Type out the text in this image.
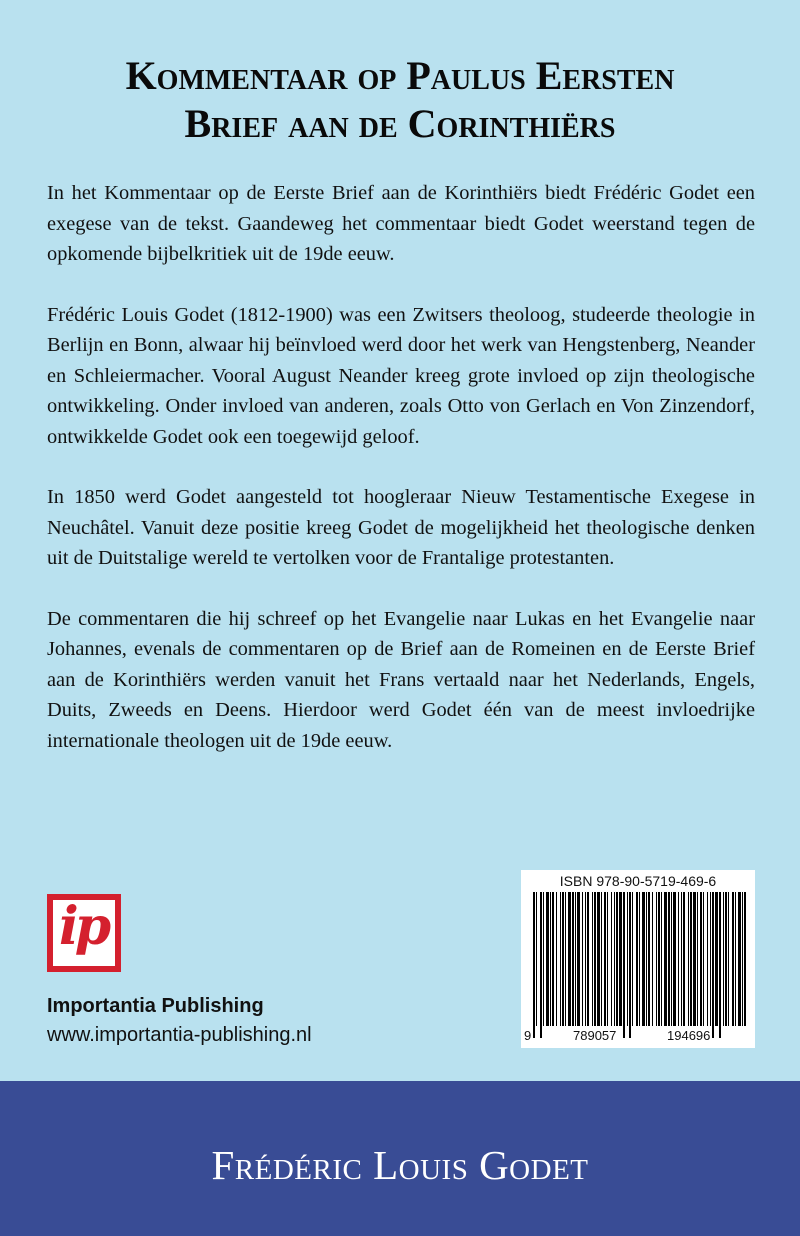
Kommentaar op Paulus Eersten
Brief aan de Corinthiërs

In het Kommentaar op de Eerste Brief aan de Korinthiërs biedt Frédéric Godet een exegese van de tekst. Gaandeweg het commentaar biedt Godet weerstand tegen de opkomende bijbelkritiek uit de 19de eeuw.

Frédéric Louis Godet (1812-1900) was een Zwitsers theoloog, studeerde theologie in Berlijn en Bonn, alwaar hij beïnvloed werd door het werk van Hengstenberg, Neander en Schleiermacher. Vooral August Neander kreeg grote invloed op zijn theologische ontwikkeling. Onder invloed van anderen, zoals Otto von Gerlach en Von Zinzendorf, ontwikkelde Godet ook een toegewijd geloof.

In 1850 werd Godet aangesteld tot hoogleraar Nieuw Testamentische Exegese in Neuchâtel. Vanuit deze positie kreeg Godet de mogelijkheid het theologische denken uit de Duitstalige wereld te vertolken voor de Frantalige protestanten.

De commentaren die hij schreef op het Evangelie naar Lukas en het Evangelie naar Johannes, evenals de commentaren op de Brief aan de Romeinen en de Eerste Brief aan de Korinthiërs werden vanuit het Frans vertaald naar het Nederlands, Engels, Duits, Zweeds en Deens. Hierdoor werd Godet één van de meest invloedrijke internationale theologen uit de 19de eeuw.

ip
Importantia Publishing
www.importantia-publishing.nl
ISBN 978-90-5719-469-6
9	789057	194696
Frédéric Louis Godet
